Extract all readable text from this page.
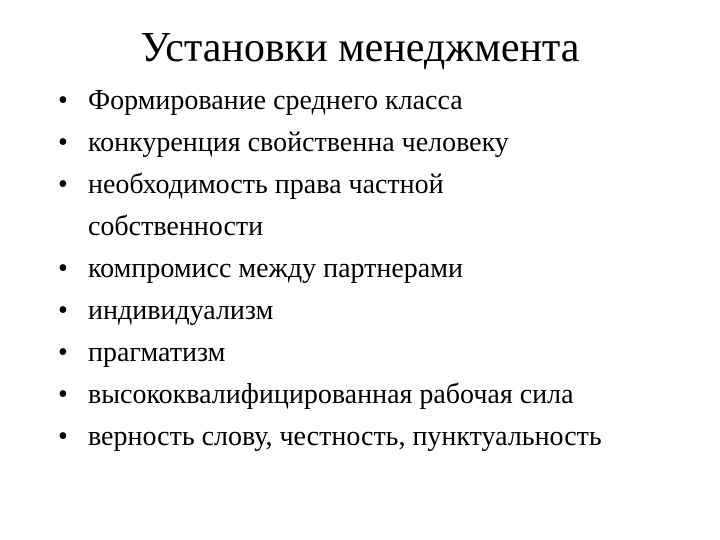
Установки менеджмента
• Формирование среднего класса
• конкуренция свойственна человеку
• необходимость права частной собственности
• компромисс между партнерами
• индивидуализм
• прагматизм
• высококвалифицированная рабочая сила
• верность слову, честность, пунктуальность
